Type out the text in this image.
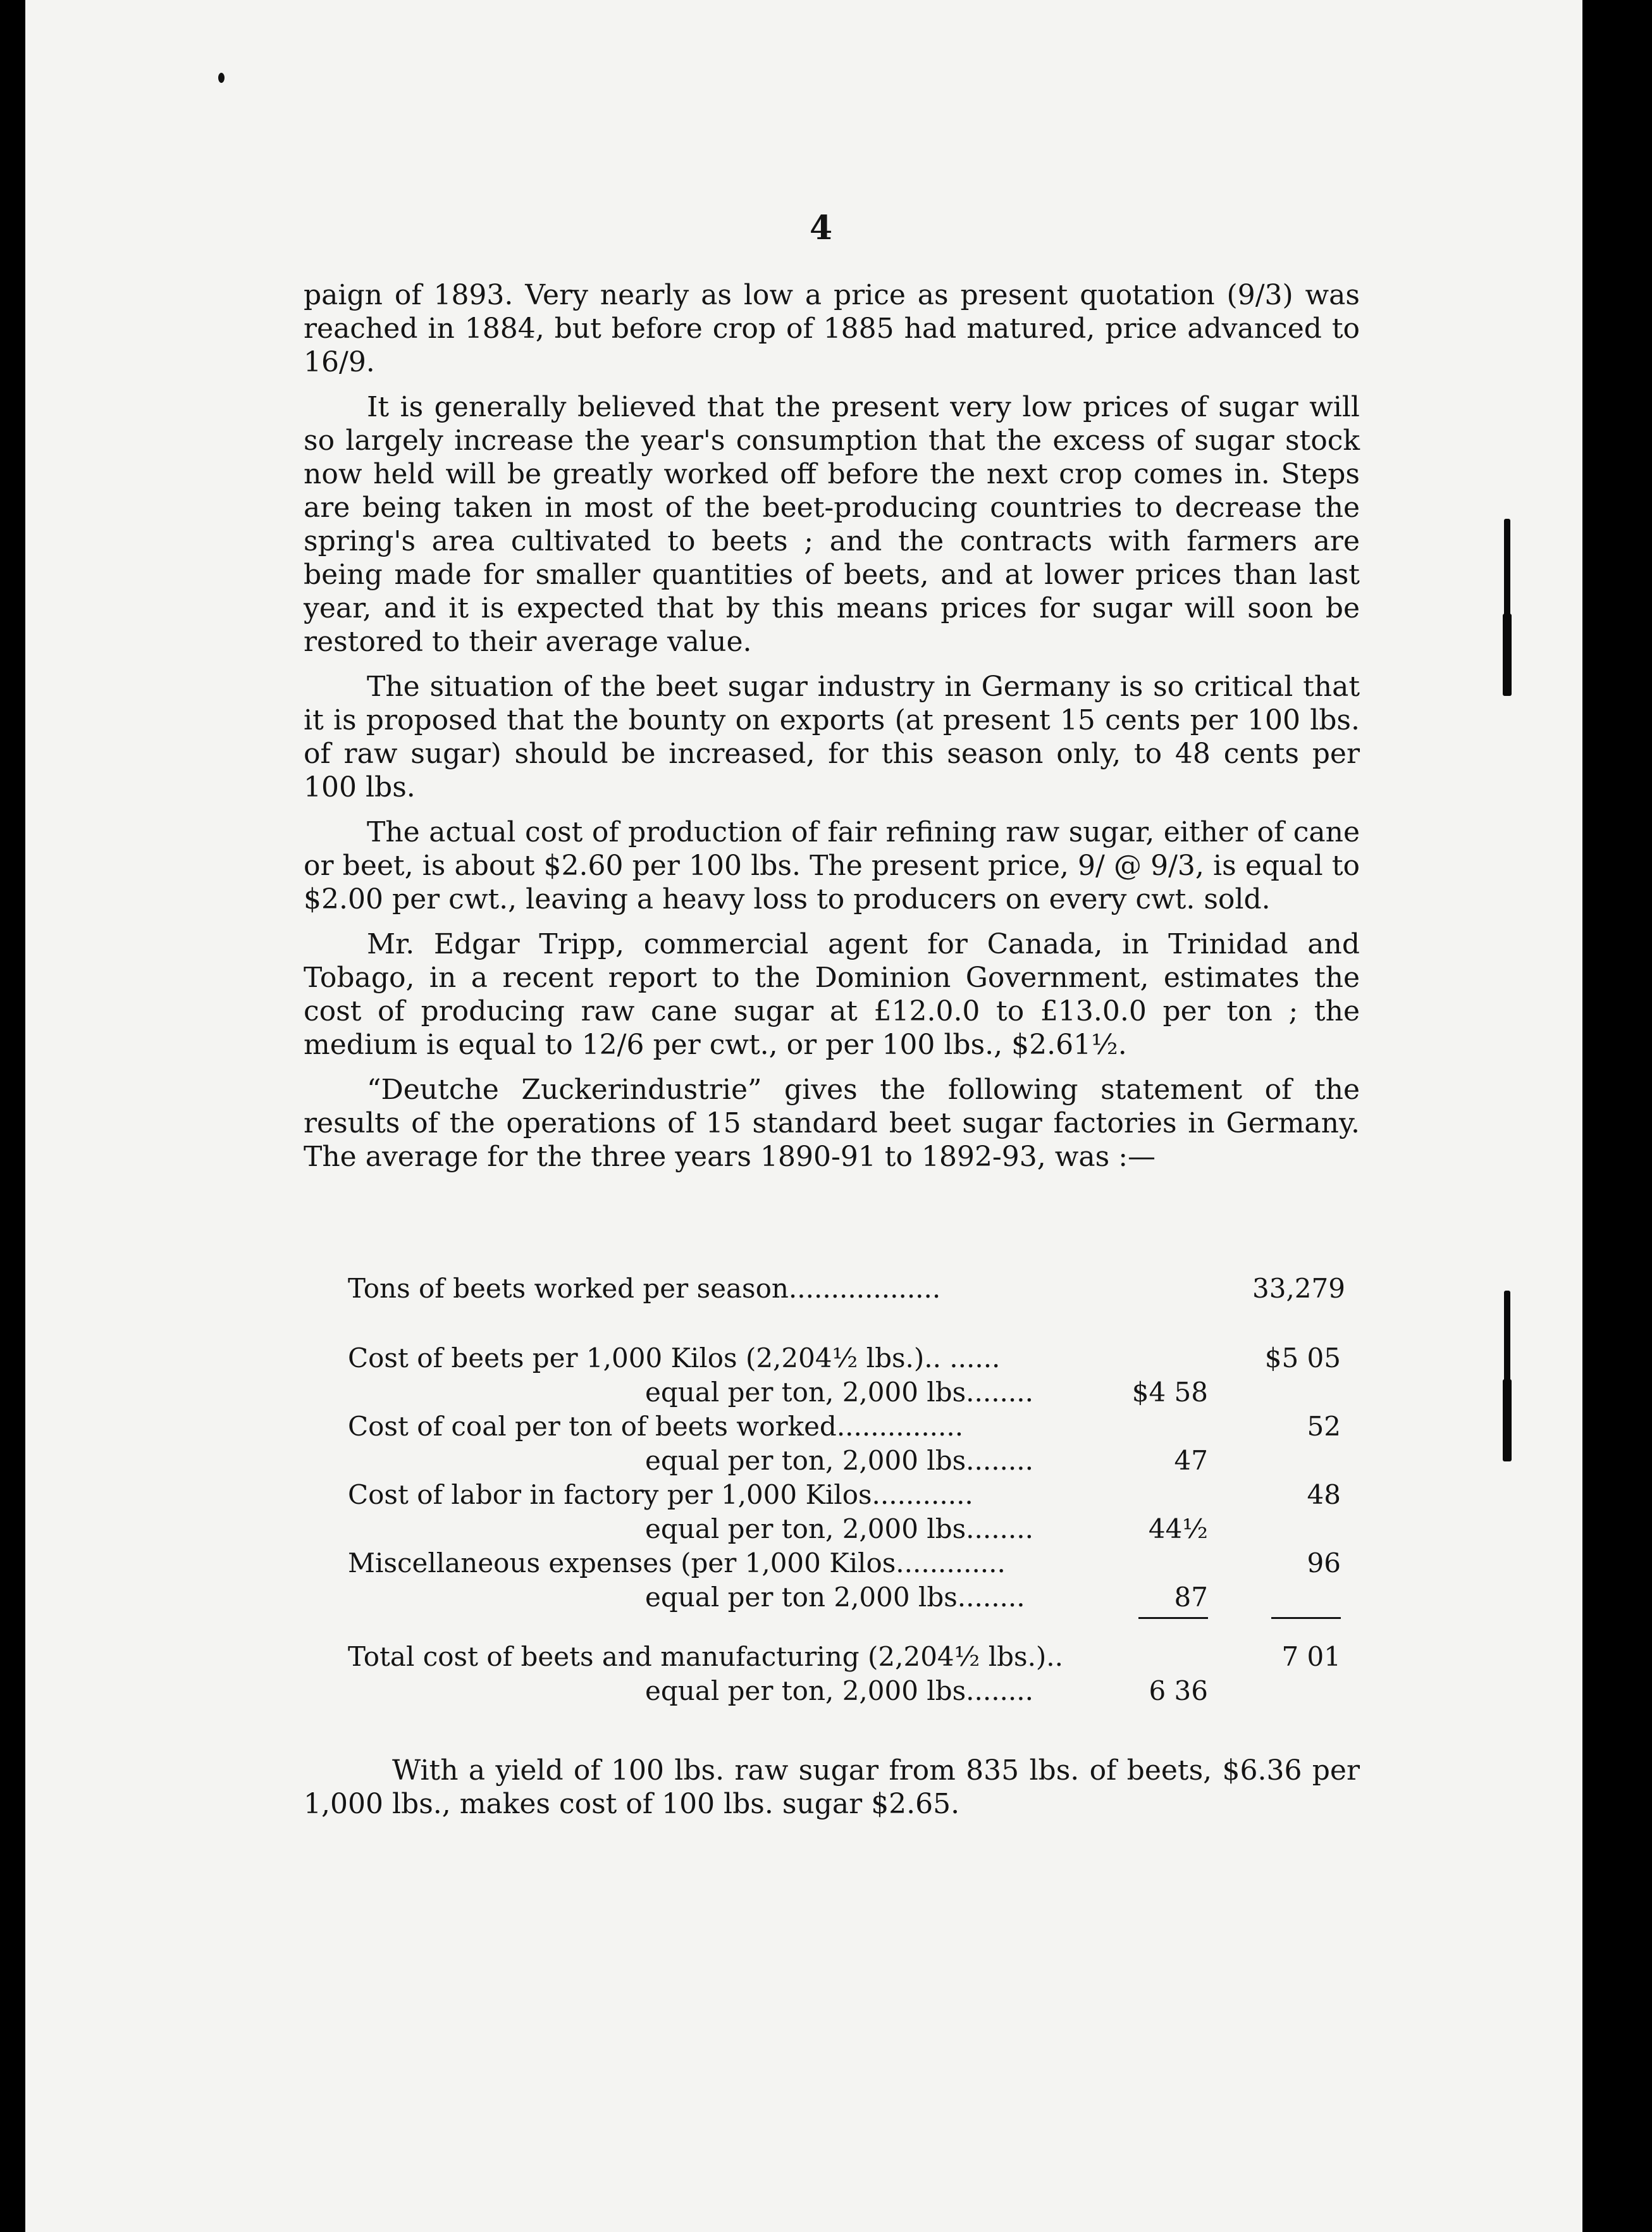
4

paign of 1893. Very nearly as low a price as present quotation (9/3) was reached in 1884, but before crop of 1885 had matured, price advanced to 16/9.

It is generally believed that the present very low prices of sugar will so largely increase the year's consumption that the excess of sugar stock now held will be greatly worked off before the next crop comes in. Steps are being taken in most of the beet-producing countries to decrease the spring's area cultivated to beets ; and the contracts with farmers are being made for smaller quantities of beets, and at lower prices than last year, and it is expected that by this means prices for sugar will soon be restored to their average value.

The situation of the beet sugar industry in Germany is so critical that it is proposed that the bounty on exports (at present 15 cents per 100 lbs. of raw sugar) should be increased, for this season only, to 48 cents per 100 lbs.

The actual cost of production of fair refining raw sugar, either of cane or beet, is about $2.60 per 100 lbs. The present price, 9/ @ 9/3, is equal to $2.00 per cwt., leaving a heavy loss to producers on every cwt. sold.

Mr. Edgar Tripp, commercial agent for Canada, in Trinidad and Tobago, in a recent report to the Dominion Government, estimates the cost of producing raw cane sugar at £12.0.0 to £13.0.0 per ton ; the medium is equal to 12/6 per cwt., or per 100 lbs., $2.61½.

“Deutche Zuckerindustrie” gives the following statement of the results of the operations of 15 standard beet sugar factories in Germany. The average for the three years 1890-91 to 1892-93, was :—

Tons of beets worked per season..................	33,279
Cost of beets per 1,000 Kilos (2,204½ lbs.).. ......	$5 05
equal per ton, 2,000 lbs........	$4 58
Cost of coal per ton of beets worked...............	52
equal per ton, 2,000 lbs........	47
Cost of labor in factory per 1,000 Kilos............	48
equal per ton, 2,000 lbs........	44½
Miscellaneous expenses (per 1,000 Kilos.............	96
equal per ton 2,000 lbs........	87
Total cost of beets and manufacturing (2,204½ lbs.)..	7 01
equal per ton, 2,000 lbs........	6 36

With a yield of 100 lbs. raw sugar from 835 lbs. of beets, $6.36 per 1,000 lbs., makes cost of 100 lbs. sugar $2.65.
